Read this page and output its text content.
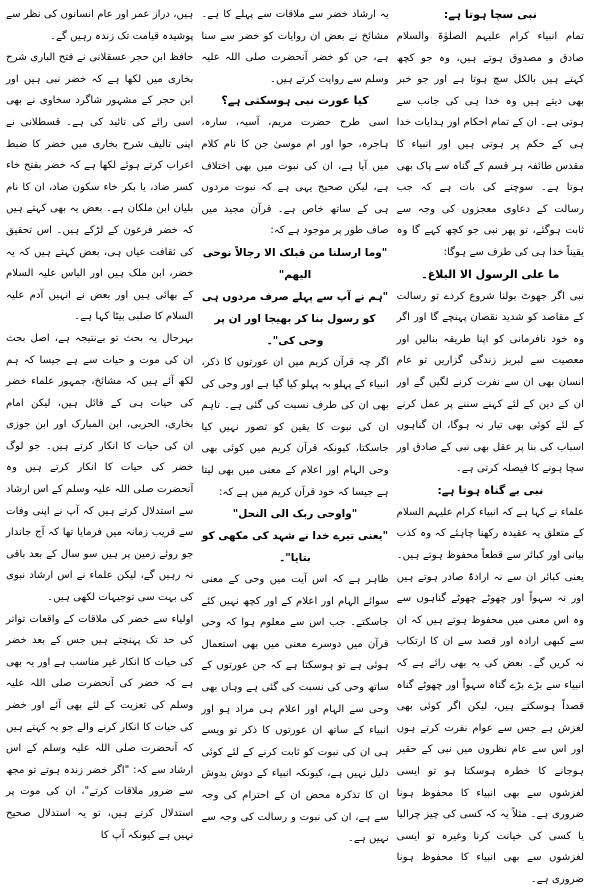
ہیں، دراز عمر اور عام انسانوں کی نظر سے پوشیدہ قیامت تک زندہ رہیں گے۔

حافظ ابن حجر عسقلانی نے فتح الباری شرح بخاری میں لکھا ہے کہ خضر نبی ہیں اور ابن حجر کے مشہور شاگرد سخاوی نے بھی اسی رائے کی تائید کی ہے۔ قسطلانی نے اپنی تالیف شرح بخاری میں خضر کا ضبط اعراب کرتے ہوئے لکھا ہے کہ خضر بفتح خاء کسر ضاد، یا بکر خاء سکون ضاد، ان کا نام بلیان ابن ملکان ہے۔ بعض یہ بھی کہتے ہیں کہ خضر فرعون کے لڑکے ہیں۔ اس تحقیق کی ثقافت عیاں ہی، بعض کہتے ہیں کہ یہ خضر، ابن ملک ہیں اور الیاس علیہ السلام کے بھائی ہیں اور بعض نے انہیں آدم علیہ السلام کا صلبی بیٹا کہا ہے۔

بہرحال یہ بحث تو بےنتیجہ ہے، اصل بحث ان کی موت و حیات سے ہے جیسا کہ ہم لکھ آئے ہیں کہ مشائخ، جمہور علماء خضر کی حیات ہی کے قائل ہیں، لیکن امام بخاری، الحربی، ابن المبارک اور ابن جوزی ان کی حیات کا انکار کرتے ہیں۔ جو لوگ خضر کی حیات کا انکار کرتے ہیں وہ آنحضرت صلی اللہ علیہ وسلم کے اس ارشاد سے استدلال کرتے ہیں کہ آپ نے اپنی وفات سے قریب زمانہ میں فرمایا تھا کہ آج جاندار جو روئے زمین پر ہیں سو سال کے بعد باقی نہ رہیں گے، لیکن علماء نے اس ارشاد نبوی کی بہت سی توجیہات لکھی ہیں۔

اولیاء سے خضر کی ملاقات کے واقعات تواتر کی حد تک پہنچتے ہیں جس کے بعد خضر کی حیات کا انکار غیر مناسب ہے اور یہ بھی ہے کہ خضر کی آنحضرت صلی اللہ علیہ وسلم کی تعزیت کے لئے بھی آئے اور خضر کی حیات کا انکار کرنے والے جو یہ کہتے ہیں کہ آنحضرت صلی اللہ علیہ وسلم کے اس ارشاد سے کہ: "اگر خضر زندہ ہوتے تو مجھ سے ضرور ملاقات کرتے"، ان کی موت پر استدلال کرتے ہیں، تو یہ استدلال صحیح نہیں ہے کیونکہ آپ کا

یہ ارشاد خضر سے ملاقات سے پہلے کا ہے۔ مشائخ نے بعض ان روایات کو خضر سے سنا ہے، جن کو خضر آنحضرت صلی اللہ علیہ وسلم سے روایت کرتے ہیں۔

کیا عورت نبی ہوسکتی ہے؟

اسی طرح حضرت مریم، آسیہ، سارہ، ہاجرہ، حوا اور ام موسیٰ جن کا نام کلام میں آیا ہے، ان کی نبوت میں بھی اختلاف ہے، لیکن صحیح یہی ہے کہ نبوت مردوں ہی کے ساتھ خاص ہے۔ قرآن مجید میں صاف طور پر موجود ہے کہ:

"وما ارسلنا من قبلک الا رجالاً نوحی الیھم"

"ہم نے آپ سے پہلے صرف مردوں ہی کو رسول بنا کر بھیجا اور ان پر وحی کی"۔

اگر چہ قرآن کریم میں ان عورتوں کا ذکر، انبیاء کے پہلو بہ پہلو کیا گیا ہے اور وحی کی بھی ان کی طرف نسبت کی گئی ہے۔ تاہم ان کی نبوت کا یقین کو تصور نہیں کیا جاسکتا، کیونکہ قرآن کریم میں کوئی بھی وحی الہام اور اعلام کے معنی میں بھی لیتا ہے جیسا کہ خود قرآن کریم میں ہے کہ:

"واوحی ربک الی النحل"

"یعنی تیرے خدا نے شہد کی مکھی کو بتایا"۔

ظاہر ہے کہ اس آیت میں وحی کے معنی سوائے الہام اور اعلام کے اور کچھ نہیں کئے جاسکتے۔ جب اس سے معلوم ہوا کہ وحی قرآن میں دوسرے معنی میں بھی استعمال ہوئی ہے تو ہوسکتا ہے کہ جن عورتوں کے ساتھ وحی کی نسبت کی گئی ہے وہاں بھی وحی سے الہام اور اعلام ہی مراد ہو اور انبیاء کے ساتھ ان عورتوں کا ذکر تو ویسے ہی ان کی نبوت کو ثابت کرنے کے لئے کوئی دلیل نہیں ہے، کیونکہ انبیاء کے دوش بدوش ان کا تذکرہ محض ان کے احترام کی وجہ سے ہے، ان کی نبوت و رسالت کی وجہ سے نہیں ہے۔

نبی سچا ہوتا ہے:

تمام انبیاء کرام علیہم الصلوٰۃ والسلام صادق و مصدوق ہوتے ہیں، وہ جو کچھ کہتے ہیں بالکل سچ ہوتا ہے اور جو خبر بھی دیتے ہیں وہ خدا ہی کی جانب سے ہوتی ہے۔ ان کے تمام احکام اور ہدایات خدا ہی کے حکم پر ہوتی ہیں اور انبیاء کا مقدس طائفہ ہر قسم کے گناہ سے پاک بھی ہوتا ہے۔ سوچنے کی بات ہے کہ جب رسالت کے دعاوی معجزوں کی وجہ سے ثابت ہوگئے، تو پھر نبی جو کچھ کہے گا وہ یقیناً خدا ہی کی طرف سے ہوگا:

ما علی الرسول الا البلاغ۔

نبی اگر جھوٹ بولنا شروع کردے تو رسالت کے مقاصد کو شدید نقصان پہنچے گا اور اگر وہ خود نافرمانی کو اپنا طریقہ بنالیں اور معصیت سے لبریز زندگی گزاریں تو عام انسان بھی ان سے نفرت کرنے لگیں گے اور ان کے دین کے لئے کہنے سننے پر عمل کرنے کے لئے کوئی بھی تیار نہ ہوگا، ان گناہوں اسباب کی بنا پر عقل بھی نبی کے صادق اور سچا ہونے کا فیصلہ کرتی ہے۔

نبی بے گناہ ہوتا ہے:

علماء نے کہا ہے کہ انبیاء کرام علیہم السلام کے متعلق یہ عقیدہ رکھنا چاہئے کہ وہ کذب بیانی اور کبائر سے قطعاً محفوظ ہوتے ہیں۔ یعنی کبائر ان سے نہ ارادۃً صادر ہوتے ہیں اور نہ سہواً اور چھوٹے چھوٹے گناہوں سے وہ اس معنی میں محفوظ ہوتے ہیں کہ ان سے کبھی ارادہ اور قصد سے ان کا ارتکاب نہ کریں گے۔ بعض کی یہ بھی رائے ہے کہ انبیاء سے بڑے بڑے گناہ سہواً اور چھوٹے گناہ قصداً ہوسکتے ہیں، لیکن اگر کوئی بھی لغزش ہے جس سے عوام نفرت کرتے ہوں اور اس سے عام نظروں میں نبی کے حقیر ہوجانے کا خطرہ ہوسکتا ہو تو ایسی لغزشوں سے بھی انبیاء کا محفوظ ہونا ضروری ہے۔ مثلاً یہ کہ کسی کی چیز چرالیا یا کسی کی خیانت کرنا وغیرہ تو ایسی لغزشوں سے بھی انبیاء کا محفوظ ہونا ضروری ہے۔
